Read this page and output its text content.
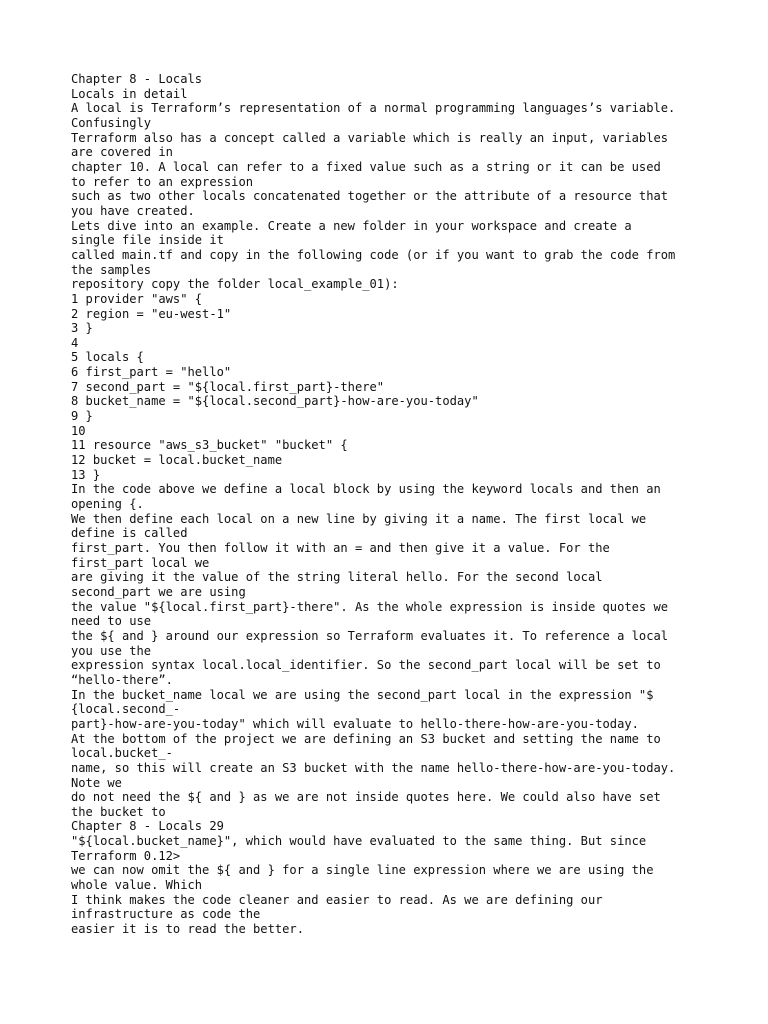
Chapter 8 - Locals
Locals in detail
A local is Terraform’s representation of a normal programming languages’s variable.
Confusingly
Terraform also has a concept called a variable which is really an input, variables
are covered in
chapter 10. A local can refer to a fixed value such as a string or it can be used
to refer to an expression
such as two other locals concatenated together or the attribute of a resource that
you have created.
Lets dive into an example. Create a new folder in your workspace and create a
single file inside it
called main.tf and copy in the following code (or if you want to grab the code from
the samples
repository copy the folder local_example_01):
1 provider "aws" {
2 region = "eu-west-1"
3 }
4
5 locals {
6 first_part = "hello"
7 second_part = "${local.first_part}-there"
8 bucket_name = "${local.second_part}-how-are-you-today"
9 }
10
11 resource "aws_s3_bucket" "bucket" {
12 bucket = local.bucket_name
13 }
In the code above we define a local block by using the keyword locals and then an
opening {.
We then define each local on a new line by giving it a name. The first local we
define is called
first_part. You then follow it with an = and then give it a value. For the
first_part local we
are giving it the value of the string literal hello. For the second local
second_part we are using
the value "${local.first_part}-there". As the whole expression is inside quotes we
need to use
the ${ and } around our expression so Terraform evaluates it. To reference a local
you use the
expression syntax local.local_identifier. So the second_part local will be set to
“hello-there”.
In the bucket_name local we are using the second_part local in the expression "$
{local.second_-
part}-how-are-you-today" which will evaluate to hello-there-how-are-you-today.
At the bottom of the project we are defining an S3 bucket and setting the name to
local.bucket_-
name, so this will create an S3 bucket with the name hello-there-how-are-you-today.
Note we
do not need the ${ and } as we are not inside quotes here. We could also have set
the bucket to
Chapter 8 - Locals 29
"${local.bucket_name}", which would have evaluated to the same thing. But since
Terraform 0.12>
we can now omit the ${ and } for a single line expression where we are using the
whole value. Which
I think makes the code cleaner and easier to read. As we are defining our
infrastructure as code the
easier it is to read the better.
